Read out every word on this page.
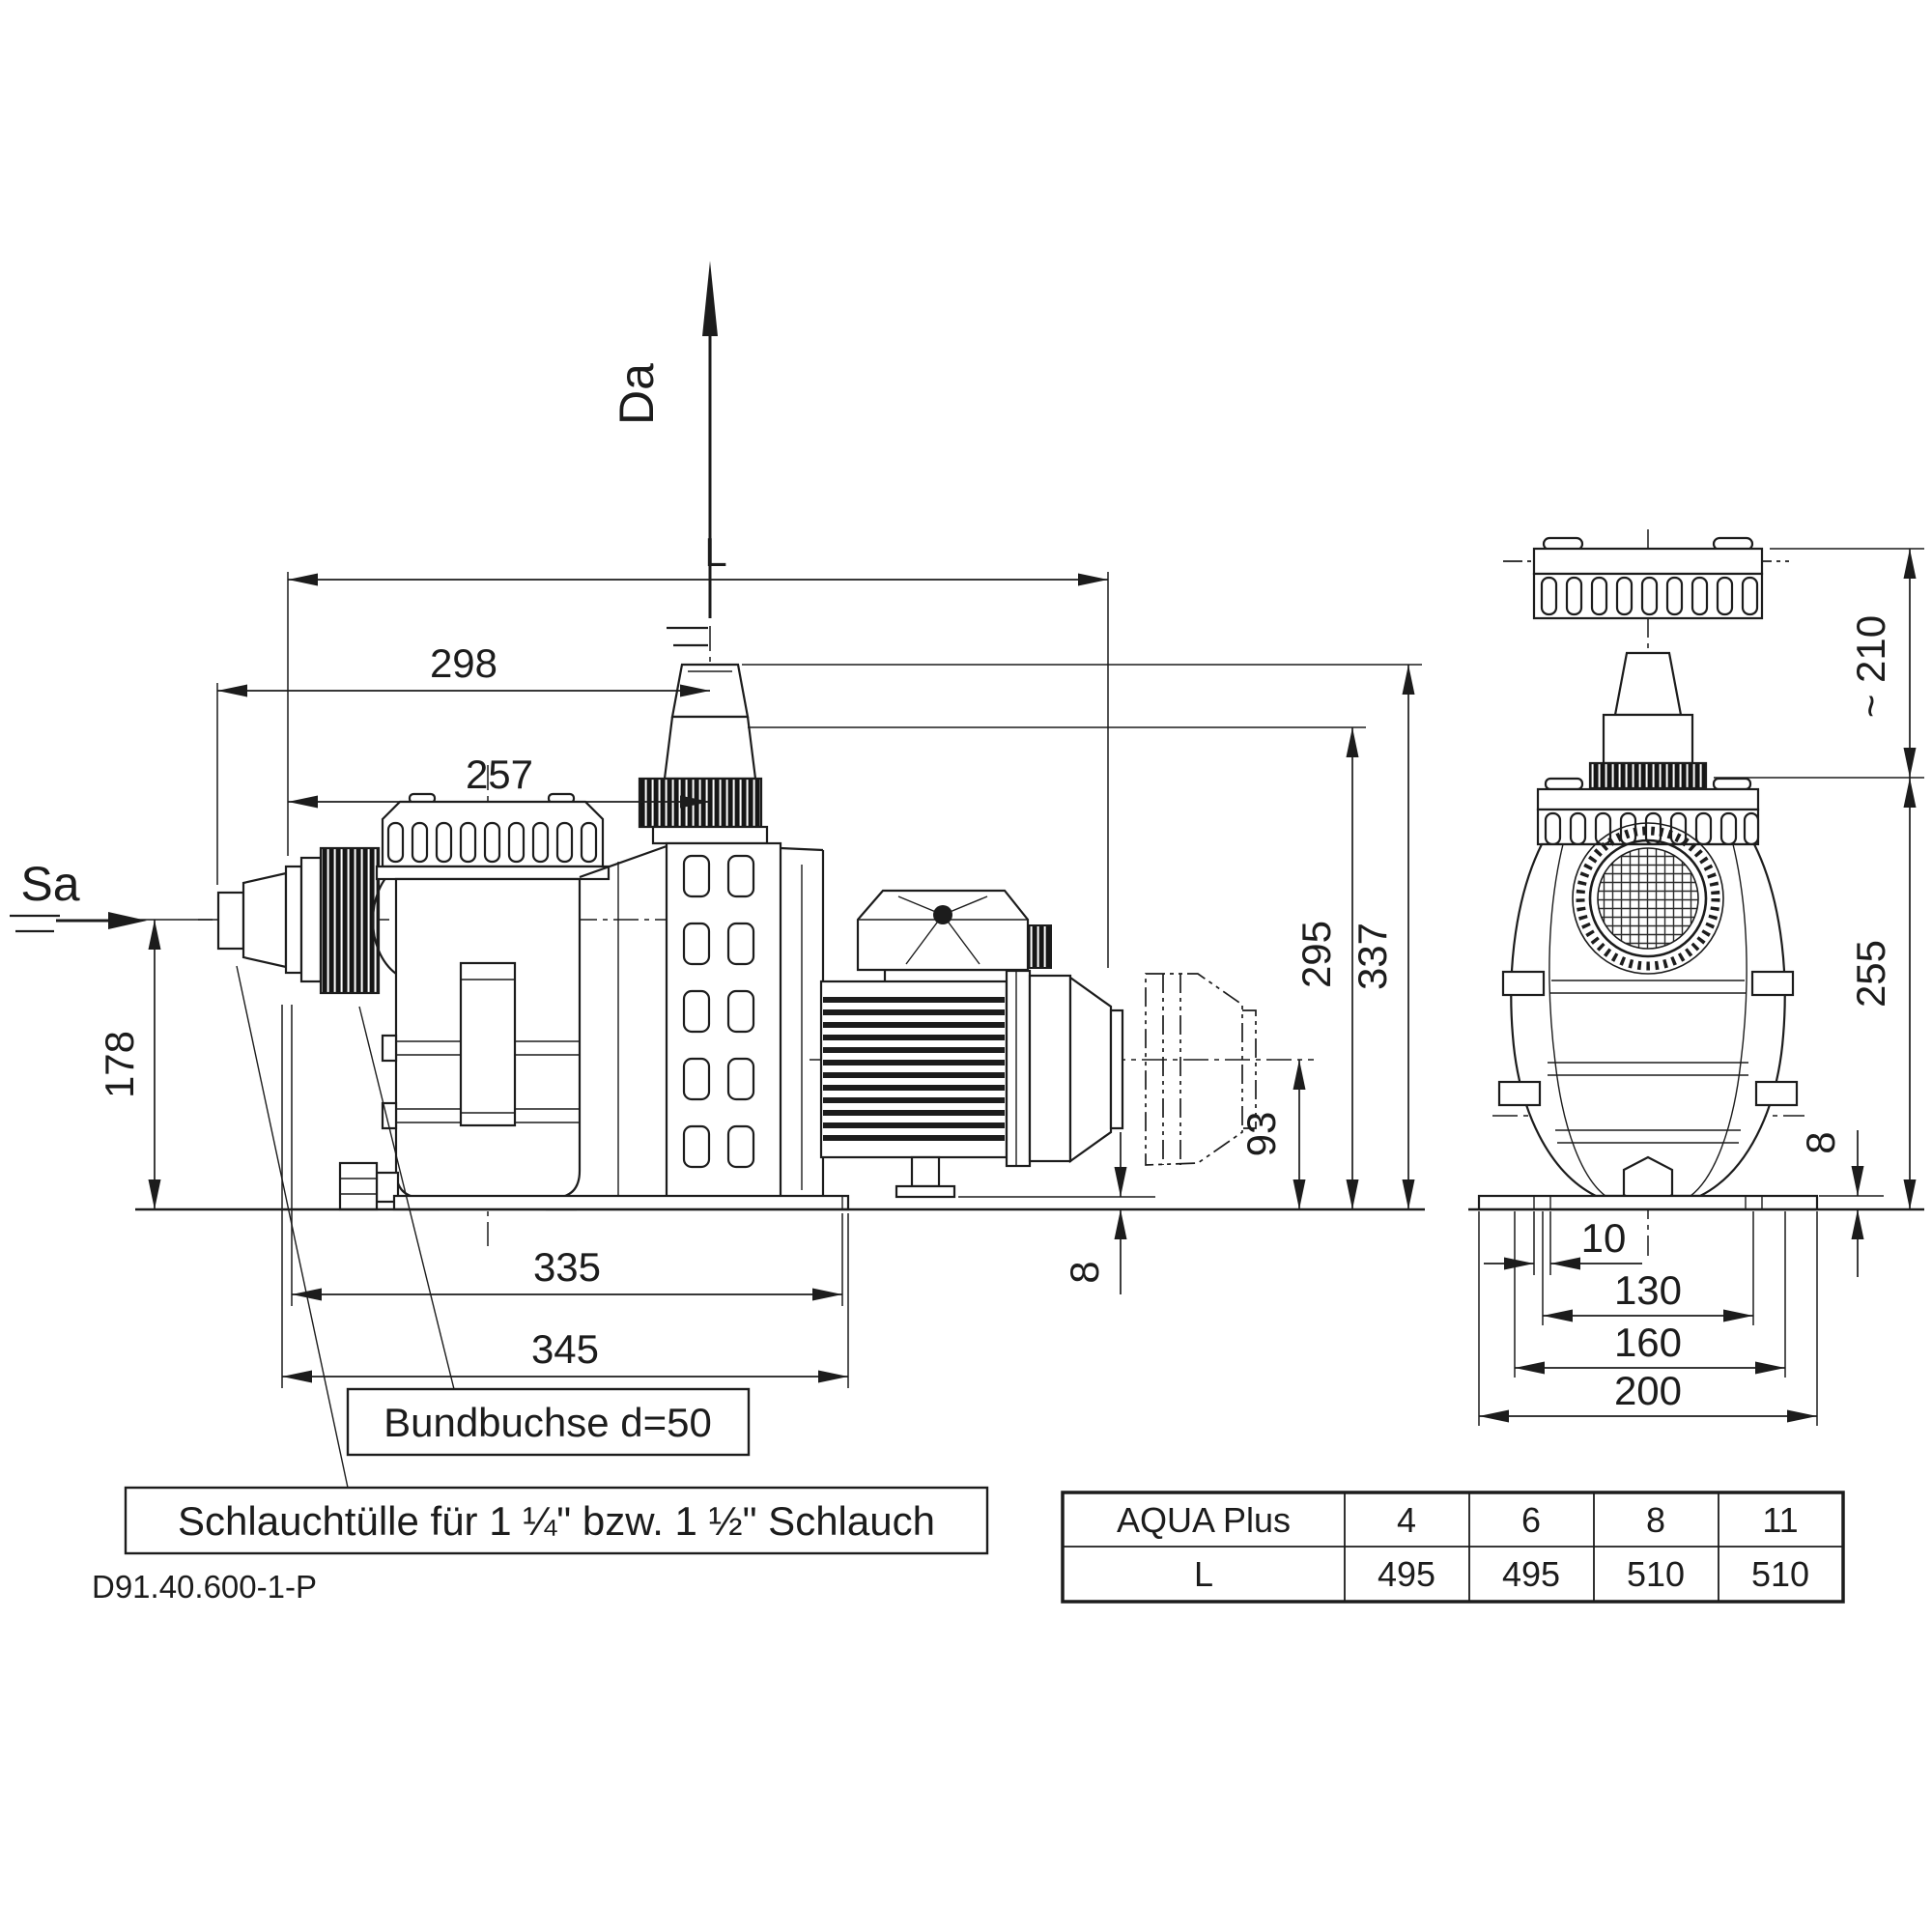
Sa
Da
L
298
257
178
335
345
93
295 337
8
Bundbuchse d=50
Schlauchtülle für 1 ¼" bzw. 1 ½" Schlauch
D91.40.600-1-P
~ 210
255
8
10
130
160
200
AQUA Plus	4	6	8	11
L	495 495 510 510
